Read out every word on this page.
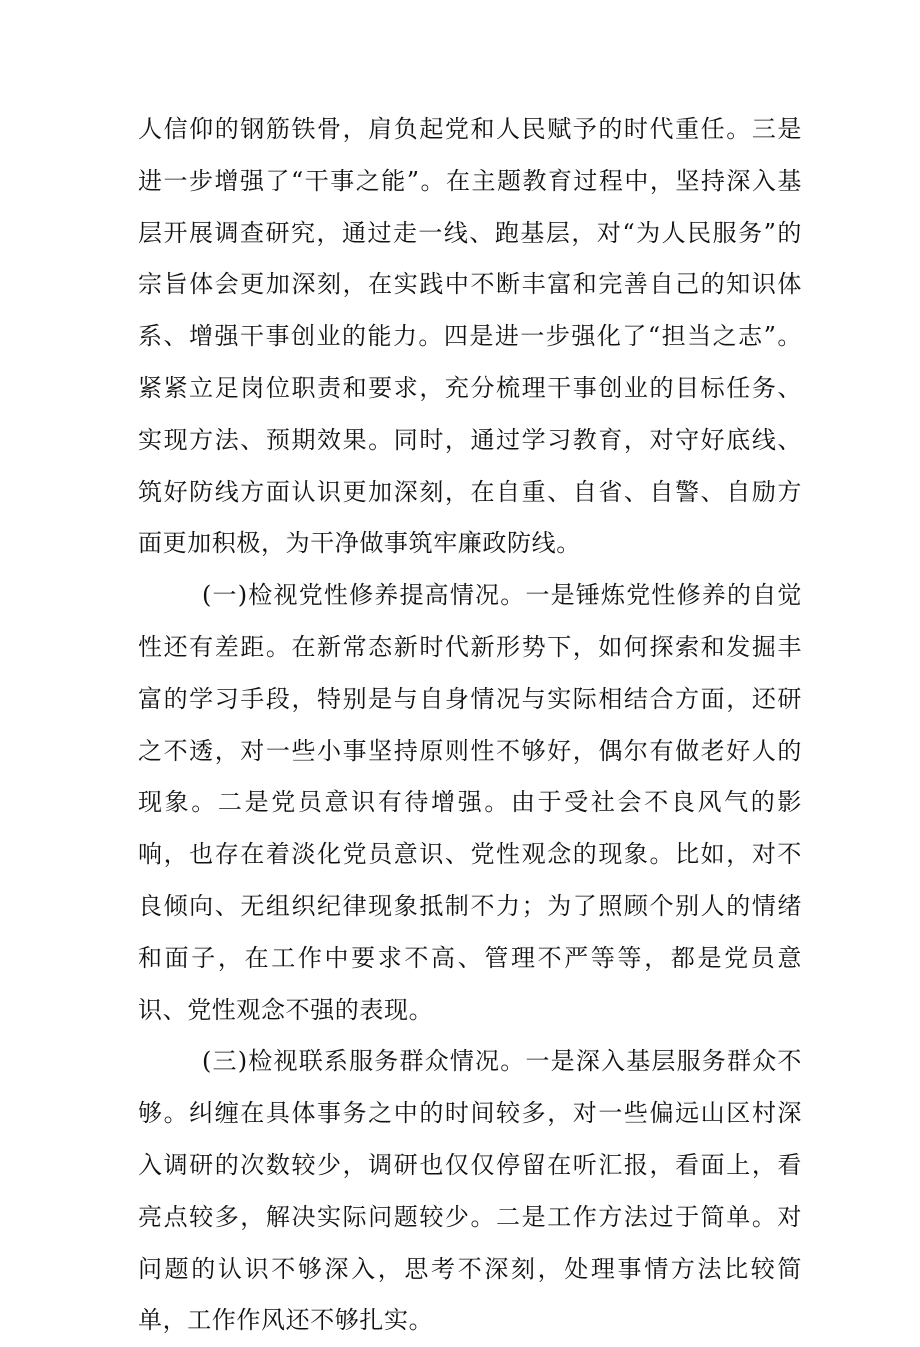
人信仰的钢筋铁骨，肩负起党和人民赋予的时代重任。三是进一步增强了“干事之能”。在主题教育过程中，坚持深入基层开展调查研究，通过走一线、跑基层，对“为人民服务”的宗旨体会更加深刻，在实践中不断丰富和完善自己的知识体系、增强干事创业的能力。四是进一步强化了“担当之志”。紧紧立足岗位职责和要求，充分梳理干事创业的目标任务、实现方法、预期效果。同时，通过学习教育，对守好底线、筑好防线方面认识更加深刻，在自重、自省、自警、自励方面更加积极，为干净做事筑牢廉政防线。

(一)检视党性修养提高情况。一是锤炼党性修养的自觉性还有差距。在新常态新时代新形势下，如何探索和发掘丰富的学习手段，特别是与自身情况与实际相结合方面，还研之不透，对一些小事坚持原则性不够好，偶尔有做老好人的现象。二是党员意识有待增强。由于受社会不良风气的影响，也存在着淡化党员意识、党性观念的现象。比如，对不良倾向、无组织纪律现象抵制不力；为了照顾个别人的情绪和面子，在工作中要求不高、管理不严等等，都是党员意识、党性观念不强的表现。

(三)检视联系服务群众情况。一是深入基层服务群众不够。纠缠在具体事务之中的时间较多，对一些偏远山区村深入调研的次数较少，调研也仅仅停留在听汇报，看面上，看亮点较多，解决实际问题较少。二是工作方法过于简单。对问题的认识不够深入，思考不深刻，处理事情方法比较简单，工作作风还不够扎实。
